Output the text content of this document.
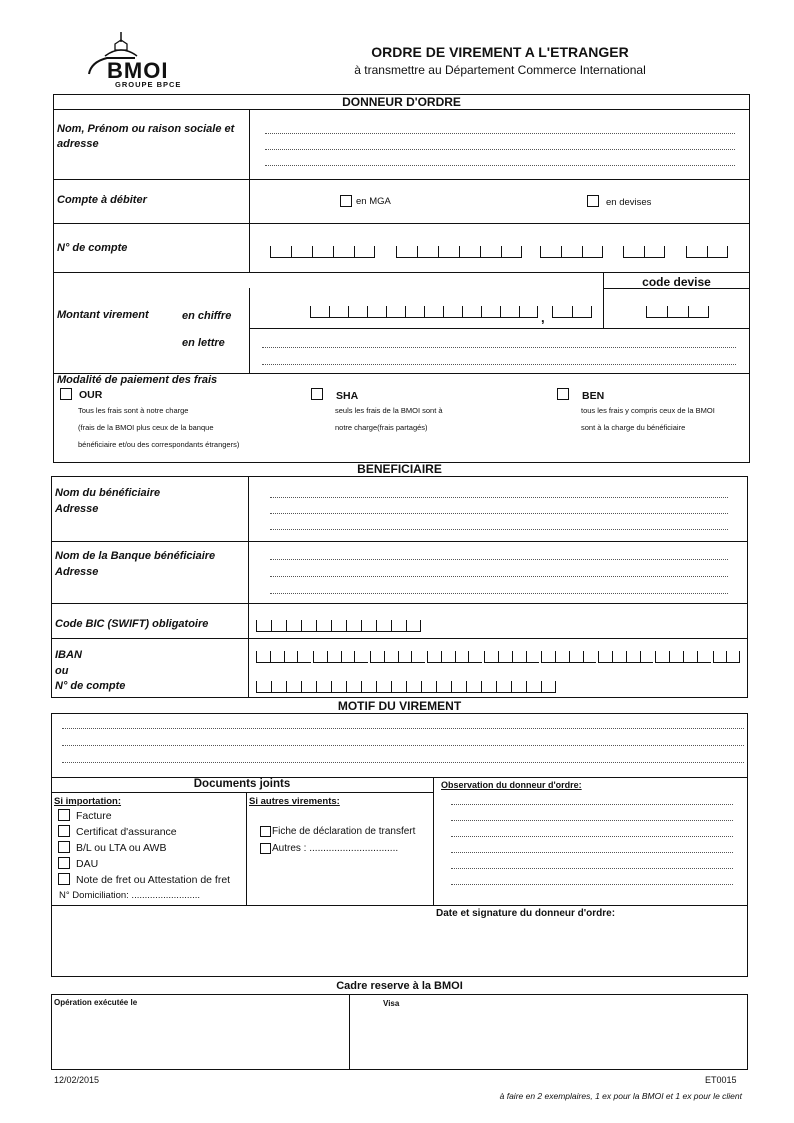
BMOI
GROUPE BPCE
ORDRE DE VIREMENT A L'ETRANGER
à transmettre au Département Commerce International
DONNEUR D'ORDRE
Nom, Prénom ou raison sociale et adresse
Compte à débiter	en MGA	en devises
N° de compte
code devise
Montant virement	en chiffre	,
en lettre
Modalité de paiement des frais
OUR
Tous les frais sont à notre charge
(frais de la BMOI plus ceux de la banque
bénéficiaire et/ou des correspondants étrangers)
SHA
seuls les frais de la BMOI sont à
notre charge(frais partagés)
BEN
tous les frais y compris ceux de la BMOI
sont à la charge du bénéficiaire
BENEFICIAIRE
Nom du bénéficiaire
Adresse
Nom de la Banque bénéficiaire
Adresse
Code BIC (SWIFT) obligatoire
IBAN
ou
N° de compte
MOTIF DU VIREMENT
Documents joints
Si importation:
Facture
Certificat d'assurance
B/L ou LTA ou AWB
DAU
Note de fret ou Attestation de fret
N° Domiciliation: ..........................
Si autres virements:
Fiche de déclaration de transfert
Autres : ................................
Observation du donneur d'ordre:
Date et signature du donneur d'ordre:
Cadre reserve à la BMOI
Opération exécutée le	Visa
12/02/2015	ET0015
à faire en 2 exemplaires, 1 ex pour la BMOI et 1 ex pour le client
